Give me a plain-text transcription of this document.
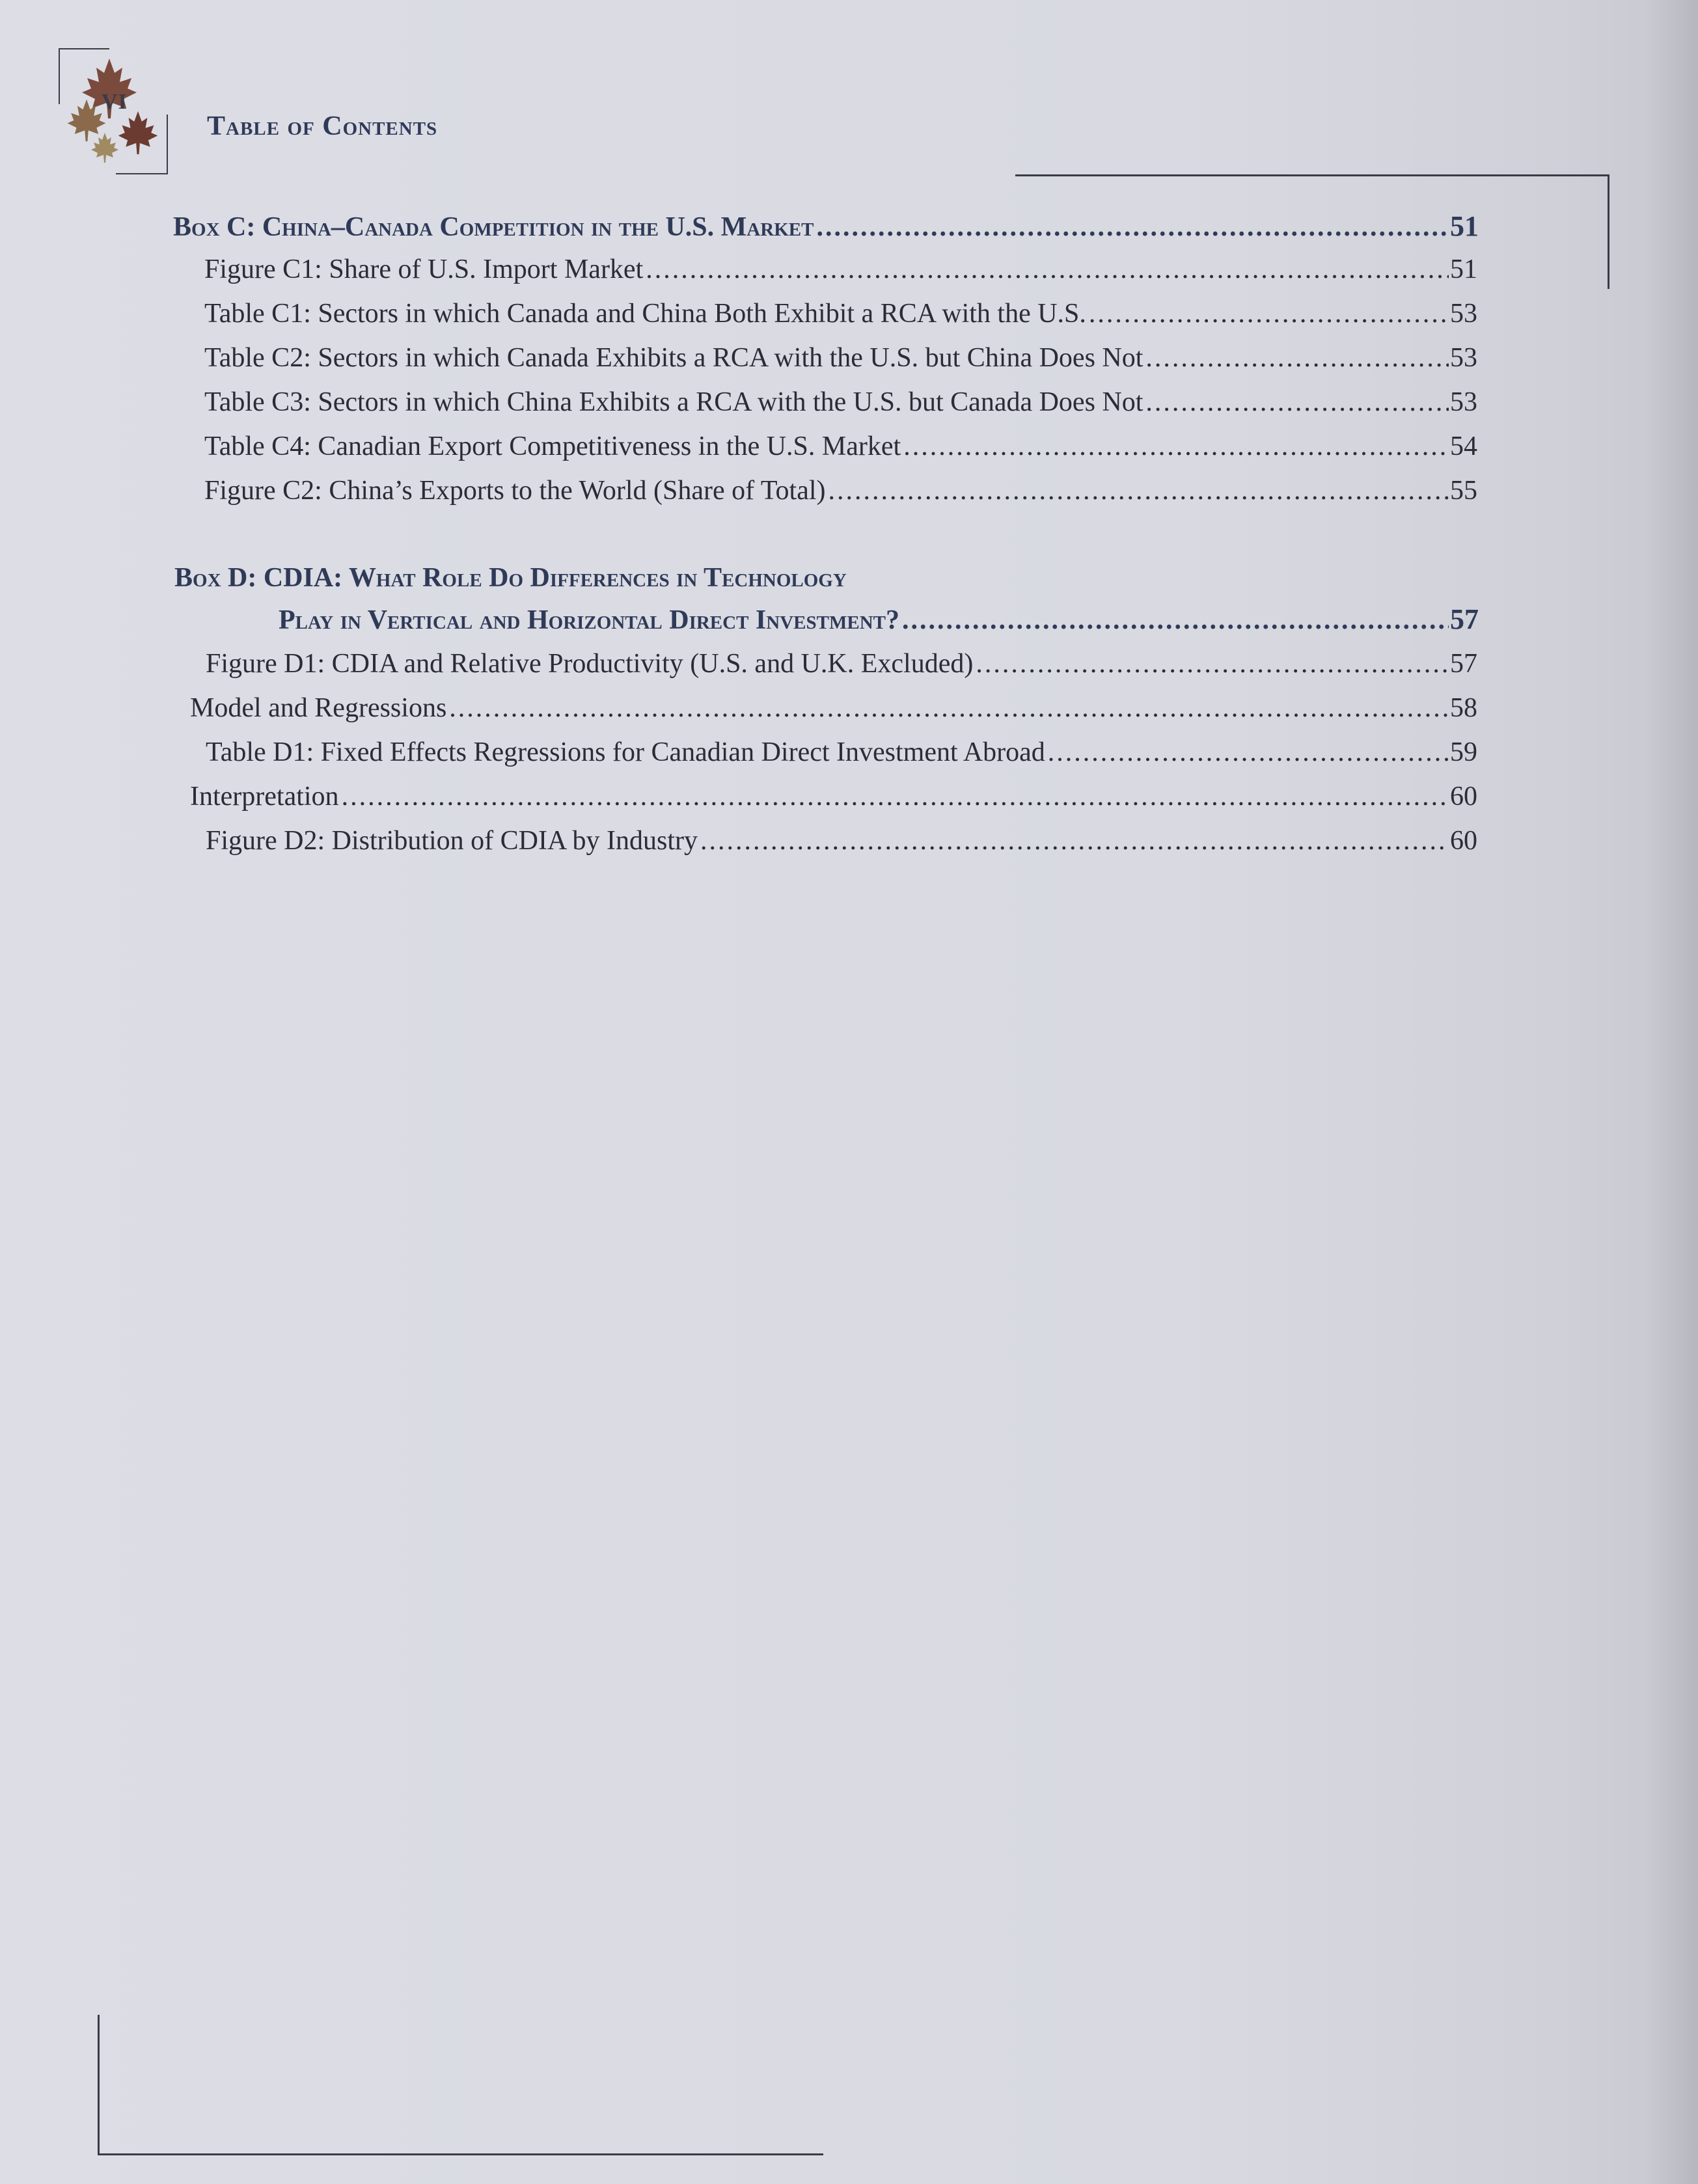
VI
Table of Contents
Box C: China–Canada Competition in the U.S. Market .....	51
Figure C1: Share of U.S. Import Market .....	51
Table C1: Sectors in which Canada and China Both Exhibit a RCA with the U.S. .....	53
Table C2: Sectors in which Canada Exhibits a RCA with the U.S. but China Does Not .....	53
Table C3: Sectors in which China Exhibits a RCA with the U.S. but Canada Does Not .....	53
Table C4: Canadian Export Competitiveness in the U.S. Market .....	54
Figure C2: China’s Exports to the World (Share of Total) .....	55
Box D: CDIA: What Role Do Differences in Technology
Play in Vertical and Horizontal Direct Investment? .....	57
Figure D1: CDIA and Relative Productivity (U.S. and U.K. Excluded) .....	57
Model and Regressions .....	58
Table D1: Fixed Effects Regressions for Canadian Direct Investment Abroad .....	59
Interpretation .....	60
Figure D2: Distribution of CDIA by Industry .....	60
